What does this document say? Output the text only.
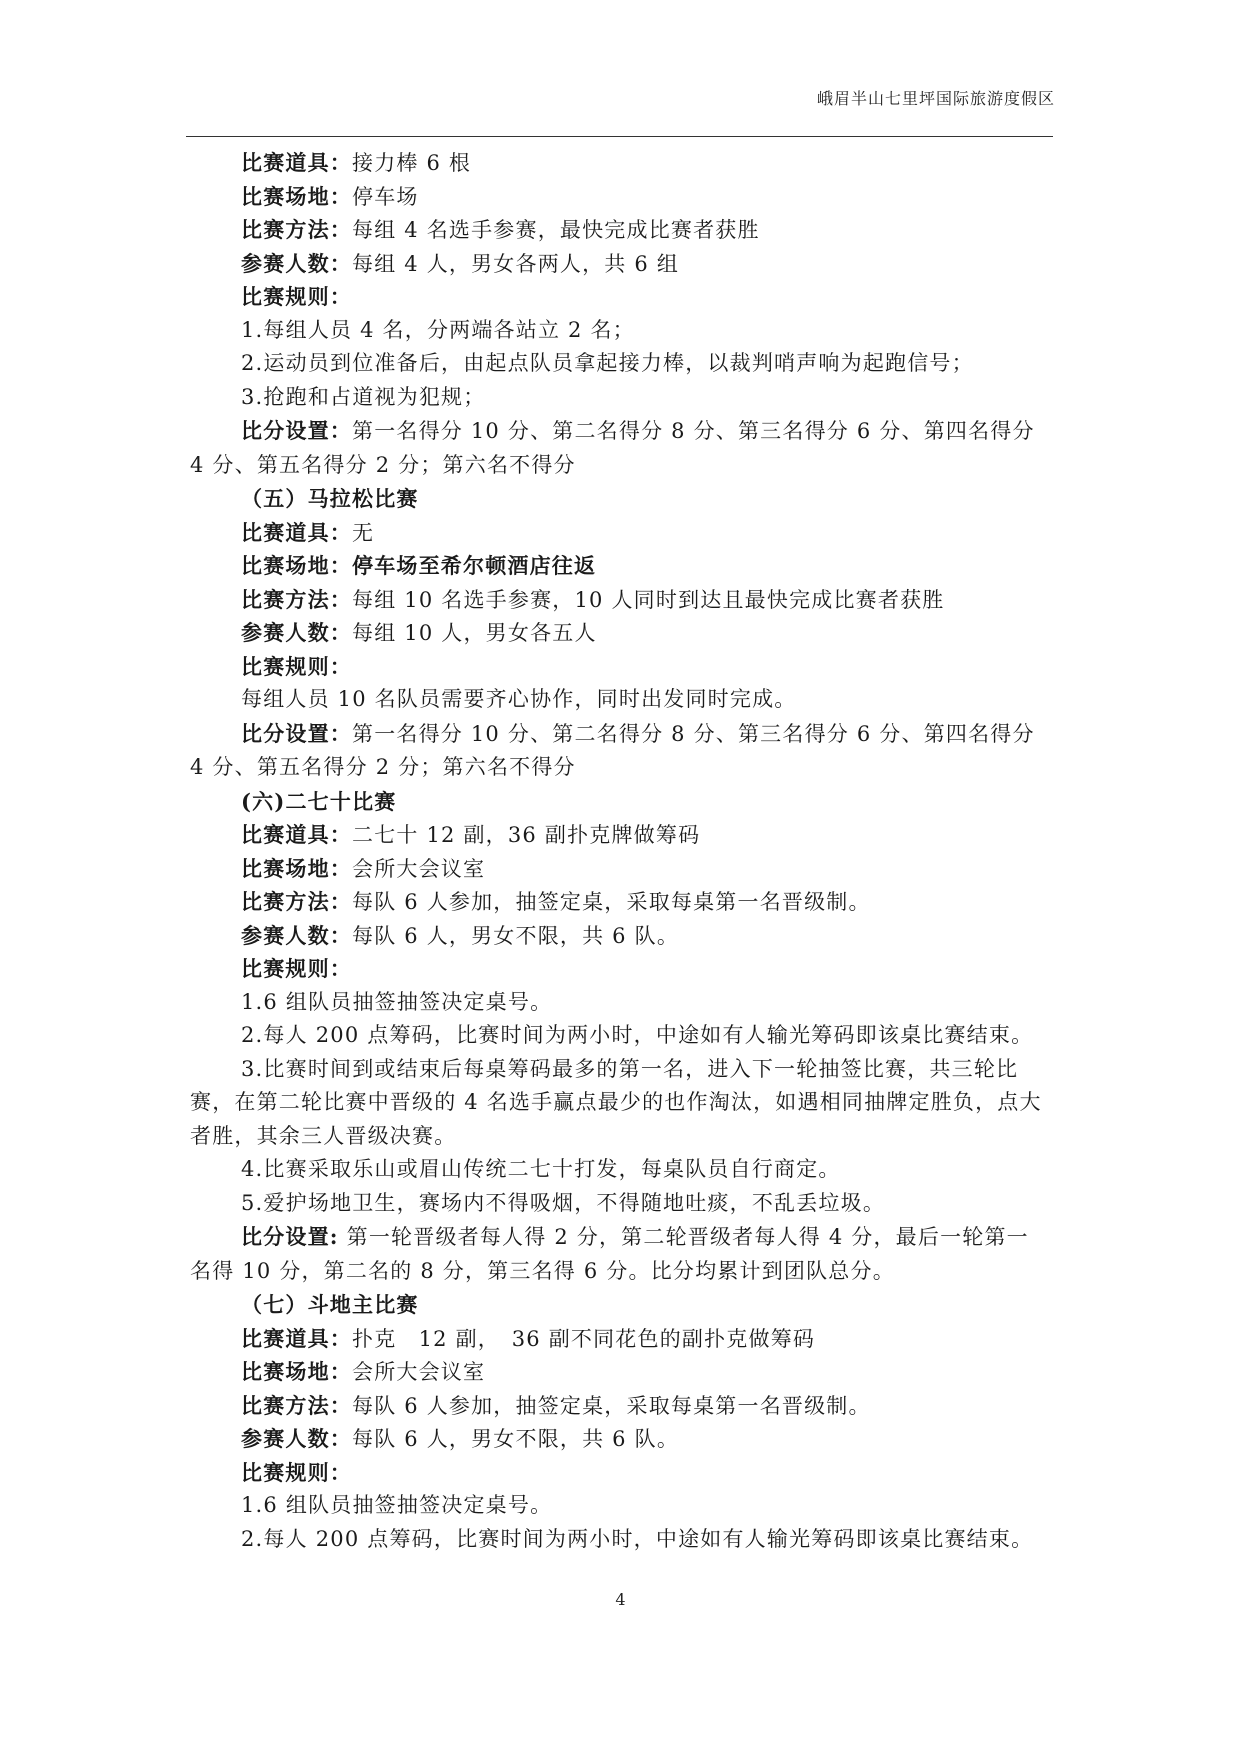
峨眉半山七里坪国际旅游度假区
比赛道具：接力棒 6 根
比赛场地：停车场
比赛方法：每组 4 名选手参赛，最快完成比赛者获胜
参赛人数：每组 4 人，男女各两人，共 6 组
比赛规则：
1.每组人员 4 名，分两端各站立 2 名；
2.运动员到位准备后，由起点队员拿起接力棒，以裁判哨声响为起跑信号；
3.抢跑和占道视为犯规；
比分设置：第一名得分 10 分、第二名得分 8 分、第三名得分 6 分、第四名得分 4 分、第五名得分 2 分；第六名不得分
（五）马拉松比赛
比赛道具：无
比赛场地：停车场至希尔顿酒店往返
比赛方法：每组 10 名选手参赛，10 人同时到达且最快完成比赛者获胜
参赛人数：每组 10 人，男女各五人
比赛规则：
每组人员 10 名队员需要齐心协作，同时出发同时完成。
比分设置：第一名得分 10 分、第二名得分 8 分、第三名得分 6 分、第四名得分 4 分、第五名得分 2 分；第六名不得分
(六)二七十比赛
比赛道具：二七十 12 副，36 副扑克牌做筹码
比赛场地：会所大会议室
比赛方法：每队 6 人参加，抽签定桌，采取每桌第一名晋级制。
参赛人数：每队 6 人，男女不限，共 6 队。
比赛规则：
1.6 组队员抽签抽签决定桌号。
2.每人 200 点筹码，比赛时间为两小时，中途如有人输光筹码即该桌比赛结束。
3.比赛时间到或结束后每桌筹码最多的第一名，进入下一轮抽签比赛，共三轮比赛，在第二轮比赛中晋级的 4 名选手赢点最少的也作淘汰，如遇相同抽牌定胜负，点大者胜，其余三人晋级决赛。
4.比赛采取乐山或眉山传统二七十打发，每桌队员自行商定。
5.爱护场地卫生，赛场内不得吸烟，不得随地吐痰，不乱丢垃圾。
比分设置: 第一轮晋级者每人得 2 分，第二轮晋级者每人得 4 分，最后一轮第一名得 10 分，第二名的 8 分，第三名得 6 分。比分均累计到团队总分。
（七）斗地主比赛
比赛道具：扑克　12 副，　36 副不同花色的副扑克做筹码
比赛场地：会所大会议室
比赛方法：每队 6 人参加，抽签定桌，采取每桌第一名晋级制。
参赛人数：每队 6 人，男女不限，共 6 队。
比赛规则：
1.6 组队员抽签抽签决定桌号。
2.每人 200 点筹码，比赛时间为两小时，中途如有人输光筹码即该桌比赛结束。
4
